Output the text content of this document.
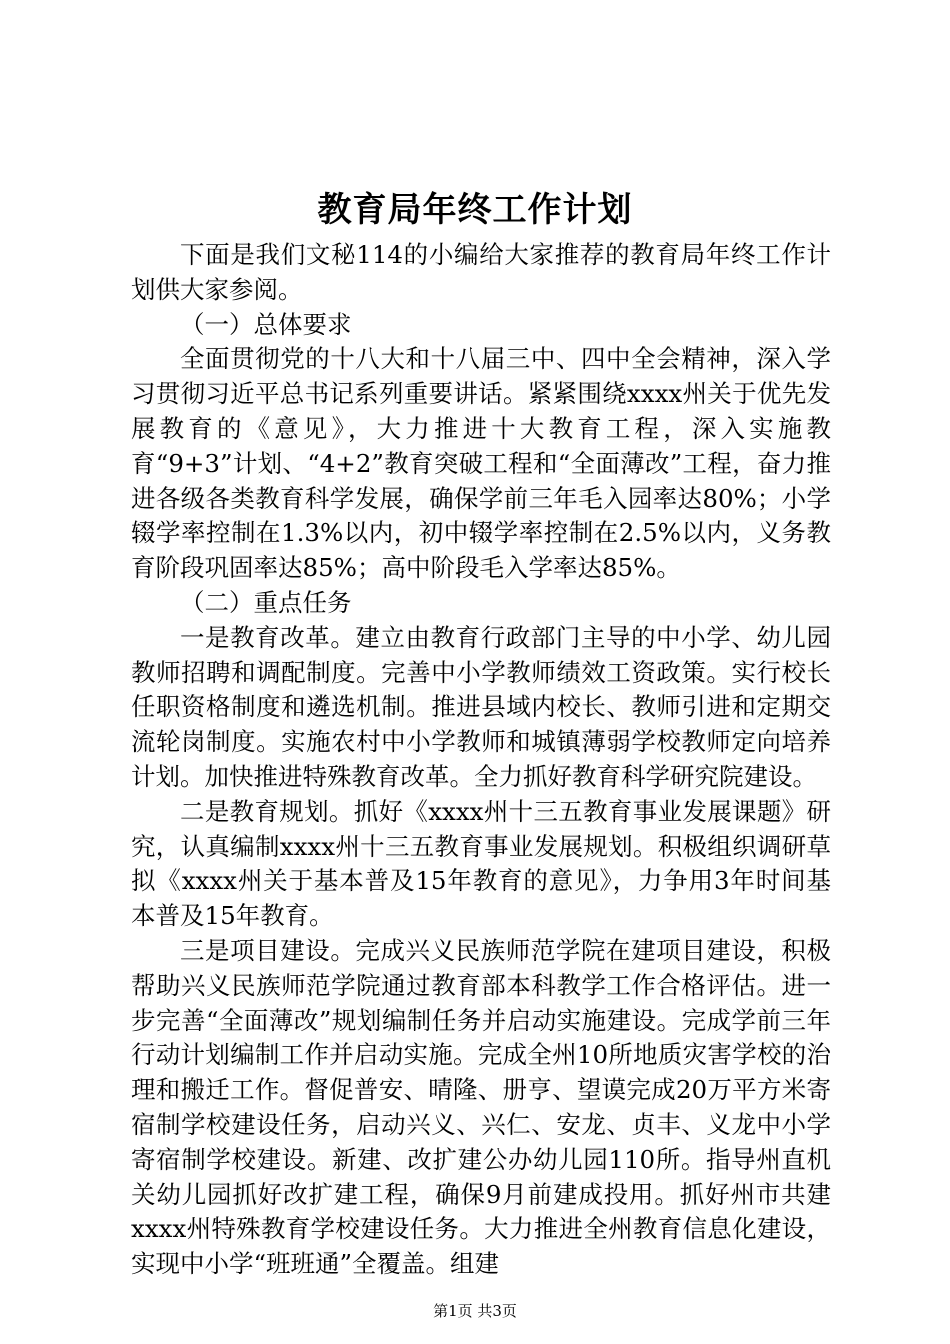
教育局年终工作计划

下面是我们文秘114的小编给大家推荐的教育局年终工作计划供大家参阅。

（一）总体要求

全面贯彻党的十八大和十八届三中、四中全会精神，深入学习贯彻习近平总书记系列重要讲话。紧紧围绕xxxx州关于优先发展教育的《意见》，大力推进十大教育工程，深入实施教育“9+3”计划、“4+2”教育突破工程和“全面薄改”工程，奋力推进各级各类教育科学发展，确保学前三年毛入园率达80%；小学辍学率控制在1.3%以内，初中辍学率控制在2.5%以内，义务教育阶段巩固率达85%；高中阶段毛入学率达85%。

（二）重点任务

一是教育改革。建立由教育行政部门主导的中小学、幼儿园教师招聘和调配制度。完善中小学教师绩效工资政策。实行校长任职资格制度和遴选机制。推进县域内校长、教师引进和定期交流轮岗制度。实施农村中小学教师和城镇薄弱学校教师定向培养计划。加快推进特殊教育改革。全力抓好教育科学研究院建设。

二是教育规划。抓好《xxxx州十三五教育事业发展课题》研究，认真编制xxxx州十三五教育事业发展规划。积极组织调研草拟《xxxx州关于基本普及15年教育的意见》，力争用3年时间基本普及15年教育。

三是项目建设。完成兴义民族师范学院在建项目建设，积极帮助兴义民族师范学院通过教育部本科教学工作合格评估。进一步完善“全面薄改”规划编制任务并启动实施建设。完成学前三年行动计划编制工作并启动实施。完成全州10所地质灾害学校的治理和搬迁工作。督促普安、晴隆、册亨、望谟完成20万平方米寄宿制学校建设任务，启动兴义、兴仁、安龙、贞丰、义龙中小学寄宿制学校建设。新建、改扩建公办幼儿园110所。指导州直机关幼儿园抓好改扩建工程，确保9月前建成投用。抓好州市共建xxxx州特殊教育学校建设任务。大力推进全州教育信息化建设，实现中小学“班班通”全覆盖。组建

第1页 共3页
